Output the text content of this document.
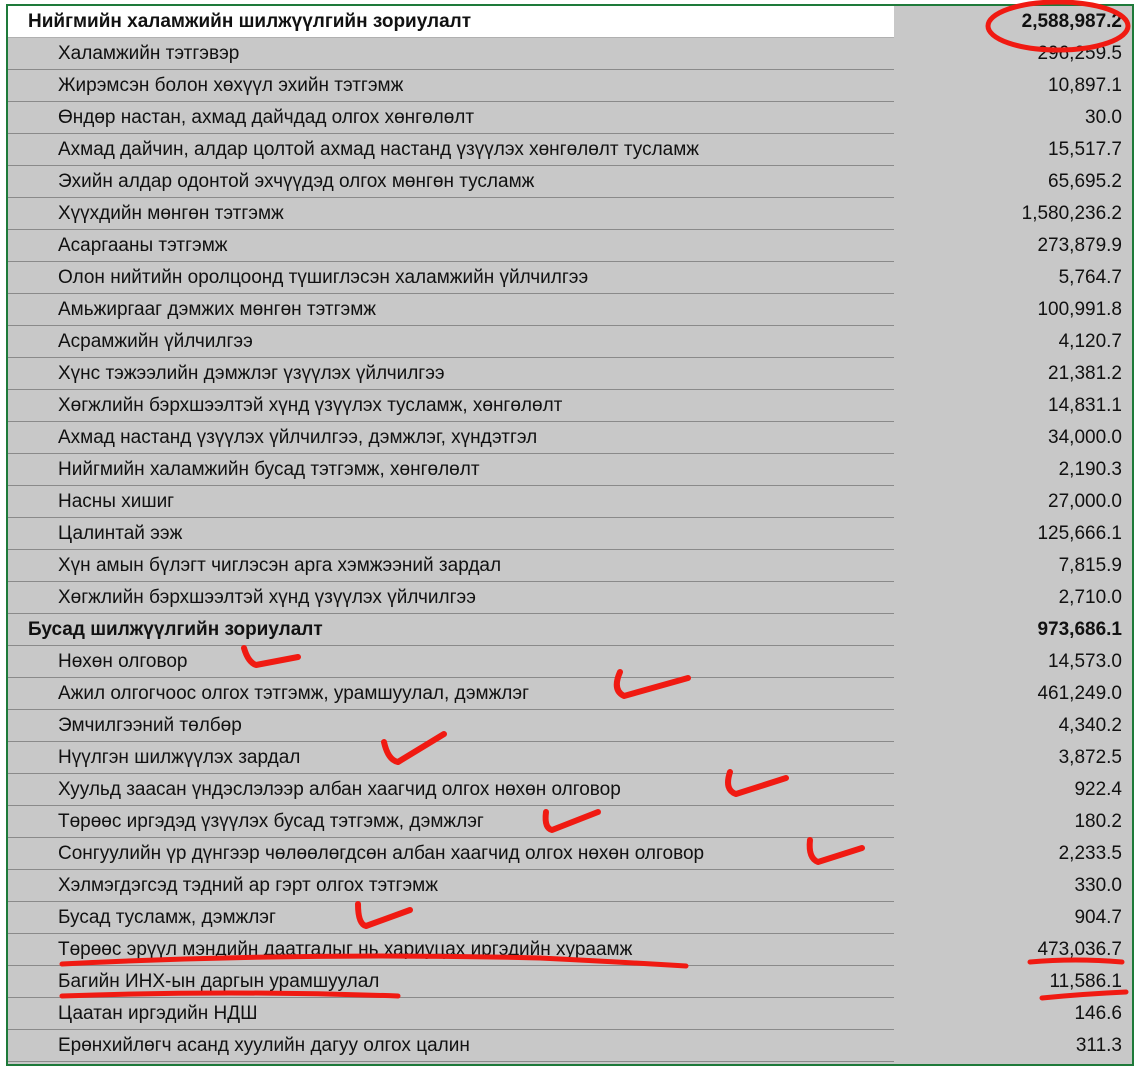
Нийгмийн халамжийн шилжүүлгийн зориулалт	2,588,987.2
Халамжийн тэтгэвэр	296,259.5
Жирэмсэн болон хөхүүл эхийн тэтгэмж	10,897.1
Өндөр настан, ахмад дайчдад олгох хөнгөлөлт	30.0
Ахмад дайчин, алдар цолтой ахмад настанд үзүүлэх хөнгөлөлт тусламж	15,517.7
Эхийн алдар одонтой эхчүүдэд олгох мөнгөн тусламж	65,695.2
Хүүхдийн мөнгөн тэтгэмж	1,580,236.2
Асаргааны тэтгэмж	273,879.9
Олон нийтийн оролцоонд түшиглэсэн халамжийн үйлчилгээ	5,764.7
Амьжиргааг дэмжих мөнгөн тэтгэмж	100,991.8
Асрамжийн үйлчилгээ	4,120.7
Хүнс тэжээлийн дэмжлэг үзүүлэх үйлчилгээ	21,381.2
Хөгжлийн бэрхшээлтэй хүнд үзүүлэх тусламж, хөнгөлөлт	14,831.1
Ахмад настанд үзүүлэх үйлчилгээ, дэмжлэг, хүндэтгэл	34,000.0
Нийгмийн халамжийн бусад тэтгэмж, хөнгөлөлт	2,190.3
Насны хишиг	27,000.0
Цалинтай ээж	125,666.1
Хүн амын бүлэгт чиглэсэн арга хэмжээний зардал	7,815.9
Хөгжлийн бэрхшээлтэй хүнд үзүүлэх үйлчилгээ	2,710.0
Бусад шилжүүлгийн зориулалт	973,686.1
Нөхөн олговор	14,573.0
Ажил олгогчоос олгох тэтгэмж, урамшуулал, дэмжлэг	461,249.0
Эмчилгээний төлбөр	4,340.2
Нүүлгэн шилжүүлэх зардал	3,872.5
Хуульд заасан үндэслэлээр албан хаагчид олгох нөхөн олговор	922.4
Төрөөс иргэдэд үзүүлэх бусад тэтгэмж, дэмжлэг	180.2
Сонгуулийн үр дүнгээр чөлөөлөгдсөн албан хаагчид олгох нөхөн олговор	2,233.5
Хэлмэгдэгсэд тэдний ар гэрт олгох тэтгэмж	330.0
Бусад тусламж, дэмжлэг	904.7
Төрөөс эрүүл мэндийн даатгалыг нь хариуцах иргэдийн хураамж	473,036.7
Багийн ИНХ-ын даргын урамшуулал	11,586.1
Цаатан иргэдийн НДШ	146.6
Ерөнхийлөгч асанд хуулийн дагуу олгох цалин	311.3
